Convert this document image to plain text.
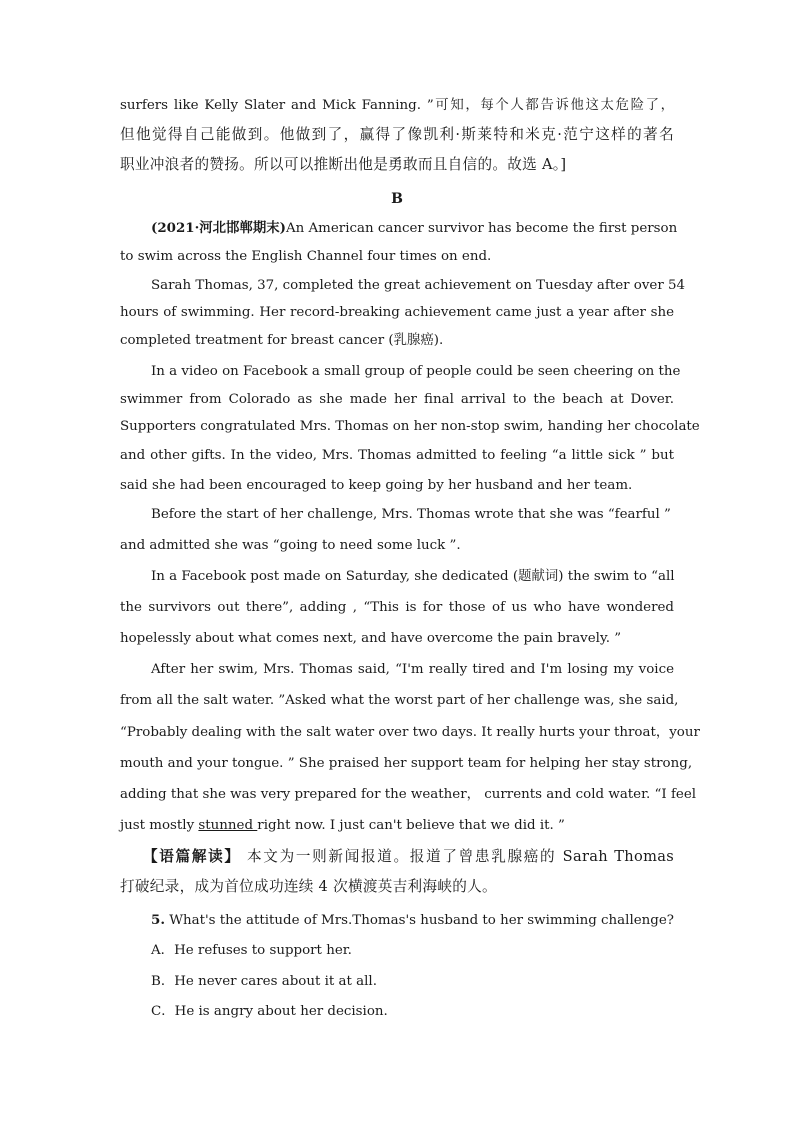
surfers like Kelly Slater and Mick Fanning. ”可知，每个人都告诉他这太危险了，
但他觉得自己能做到。他做到了，赢得了像凯利·斯莱特和米克·范宁这样的著名
职业冲浪者的赞扬。所以可以推断出他是勇敢而且自信的。故选 A。]
B
(2021·河北邯郸期末)An American cancer survivor has become the first person
to swim across the English Channel four times on end.
Sarah Thomas, 37, completed the great achievement on Tuesday after over 54
hours of swimming. Her record-breaking achievement came just a year after she
completed treatment for breast cancer (乳腺癌).
In a video on Facebook a small group of people could be seen cheering on the
swimmer from Colorado as she made her final arrival to the beach at Dover.
Supporters congratulated Mrs. Thomas on her non-stop swim, handing her chocolate
and other gifts. In the video, Mrs. Thomas admitted to feeling “a little sick ” but
said she had been encouraged to keep going by her husband and her team.
Before the start of her challenge, Mrs. Thomas wrote that she was “fearful ”
and admitted she was “going to need some luck ”.
In a Facebook post made on Saturday, she dedicated (题献词) the swim to “all
the survivors out there”, adding , “This is for those of us who have wondered
hopelessly about what comes next, and have overcome the pain bravely. ”
After her swim, Mrs. Thomas said, “I'm really tired and I'm losing my voice
from all the salt water. ”Asked what the worst part of her challenge was, she said,
“Probably dealing with the salt water over two days. It really hurts your throat，your
mouth and your tongue. ” She praised her support team for helping her stay strong,
adding that she was very prepared for the weather， currents and cold water. “I feel
just mostly stunned right now. I just can't believe that we did it. ”
【语篇解读】 本文为一则新闻报道。报道了曾患乳腺癌的 Sarah Thomas
打破纪录，成为首位成功连续 4 次横渡英吉利海峡的人。
5. What's the attitude of Mrs.Thomas's husband to her swimming challenge?
A．He refuses to support her.
B．He never cares about it at all.
C．He is angry about her decision.
